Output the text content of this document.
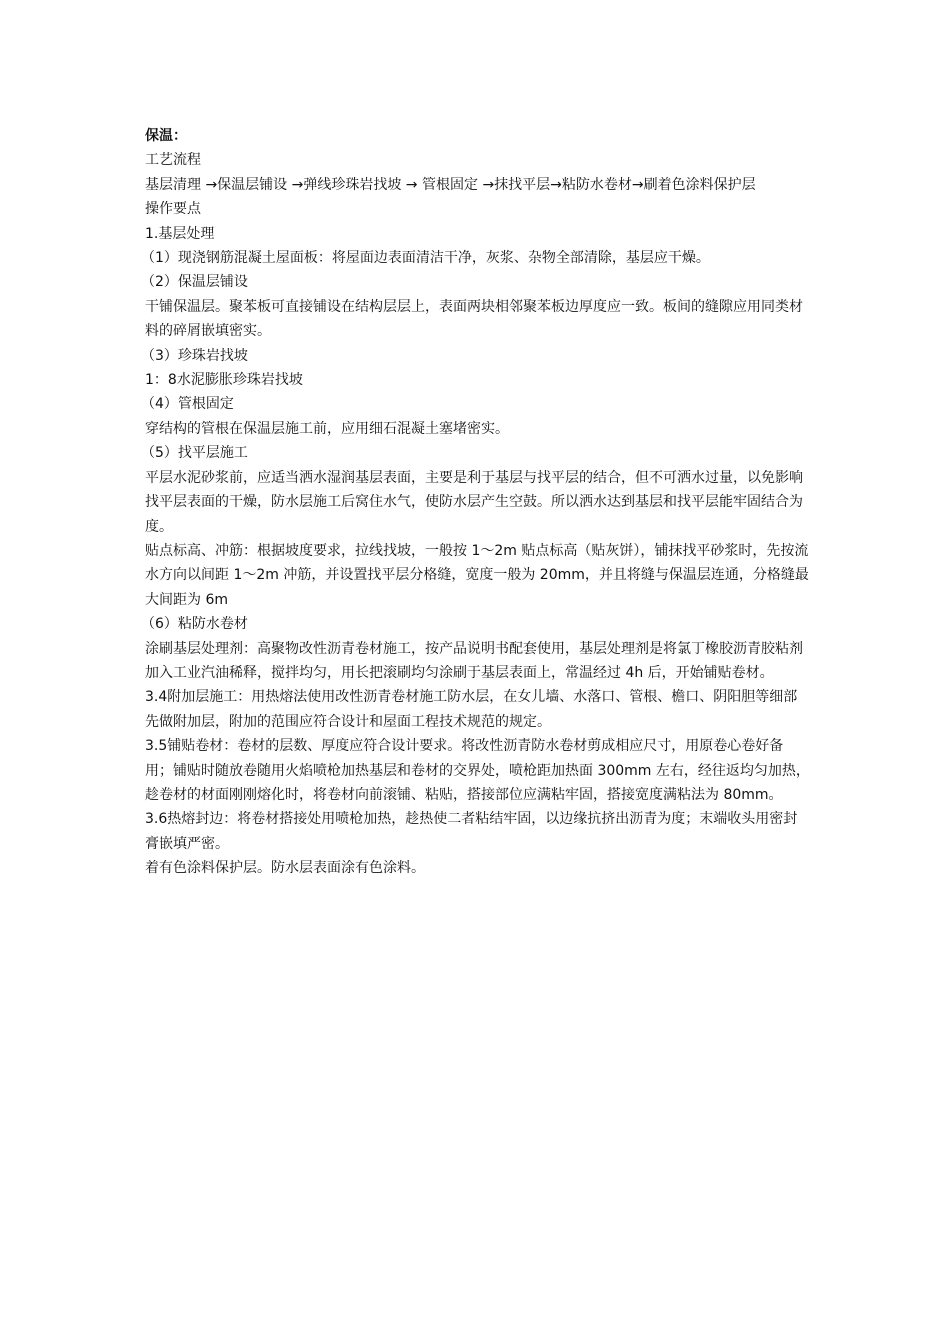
保温：

工艺流程

基层清理 →保温层铺设 →弹线珍珠岩找坡 → 管根固定 →抹找平层→粘防水卷材→刷着色涂料保护层

操作要点

1.基层处理

（1）现浇钢筋混凝土屋面板：将屋面边表面清洁干净，灰浆、杂物全部清除，基层应干燥。

（2）保温层铺设

干铺保温层。聚苯板可直接铺设在结构层层上，表面两块相邻聚苯板边厚度应一致。板间的缝隙应用同类材料的碎屑嵌填密实。

（3）珍珠岩找坡

1：8水泥膨胀珍珠岩找坡

（4）管根固定

穿结构的管根在保温层施工前，应用细石混凝土塞堵密实。

（5）找平层施工

平层水泥砂浆前，应适当洒水湿润基层表面，主要是利于基层与找平层的结合，但不可洒水过量，以免影响找平层表面的干燥，防水层施工后窝住水气，使防水层产生空鼓。所以洒水达到基层和找平层能牢固结合为度。

贴点标高、冲筋：根据坡度要求，拉线找坡，一般按 1～2m 贴点标高（贴灰饼），铺抹找平砂浆时，先按流水方向以间距 1～2m 冲筋，并设置找平层分格缝，宽度一般为 20mm，并且将缝与保温层连通，分格缝最大间距为 6m

（6）粘防水卷材

涂刷基层处理剂：高聚物改性沥青卷材施工，按产品说明书配套使用，基层处理剂是将氯丁橡胶沥青胶粘剂加入工业汽油稀释，搅拌均匀，用长把滚刷均匀涂刷于基层表面上，常温经过 4h 后，开始铺贴卷材。

3.4附加层施工：用热熔法使用改性沥青卷材施工防水层，在女儿墙、水落口、管根、檐口、阴阳胆等细部先做附加层，附加的范围应符合设计和屋面工程技术规范的规定。

3.5铺贴卷材：卷材的层数、厚度应符合设计要求。将改性沥青防水卷材剪成相应尺寸，用原卷心卷好备用；铺贴时随放卷随用火焰喷枪加热基层和卷材的交界处，喷枪距加热面 300mm 左右，经往返均匀加热，趁卷材的材面刚刚熔化时，将卷材向前滚铺、粘贴，搭接部位应满粘牢固，搭接宽度满粘法为 80mm。

3.6热熔封边：将卷材搭接处用喷枪加热，趁热使二者粘结牢固，以边缘抗挤出沥青为度；末端收头用密封膏嵌填严密。

着有色涂料保护层。防水层表面涂有色涂料。
